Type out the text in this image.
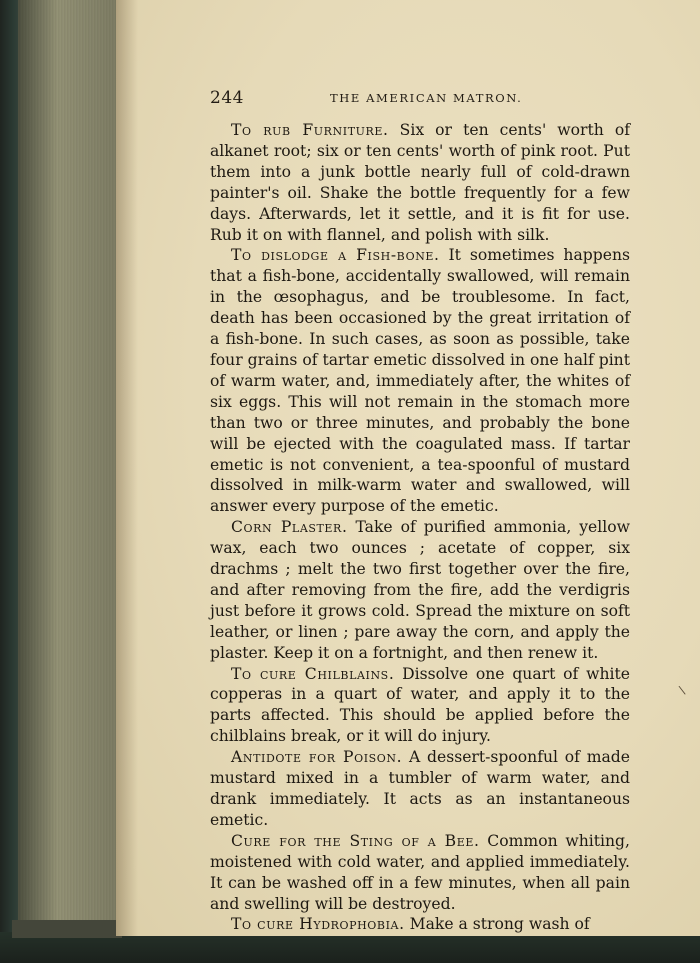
244	THE AMERICAN MATRON.

To rub Furniture. Six or ten cents' worth of alkanet root; six or ten cents' worth of pink root. Put them into a junk bottle nearly full of cold-drawn painter's oil. Shake the bottle frequently for a few days. Afterwards, let it settle, and it is fit for use. Rub it on with flannel, and polish with silk.

To dislodge a Fish-bone. It sometimes happens that a fish-bone, accidentally swallowed, will remain in the œsophagus, and be troublesome. In fact, death has been occasioned by the great irritation of a fish-bone. In such cases, as soon as possible, take four grains of tartar emetic dissolved in one half pint of warm water, and, immediately after, the whites of six eggs. This will not remain in the stomach more than two or three minutes, and probably the bone will be ejected with the coagulated mass. If tartar emetic is not convenient, a tea-spoonful of mustard dissolved in milk-warm water and swallowed, will answer every purpose of the emetic.

Corn Plaster. Take of purified ammonia, yellow wax, each two ounces ; acetate of copper, six drachms ; melt the two first together over the fire, and after removing from the fire, add the verdigris just before it grows cold. Spread the mixture on soft leather, or linen ; pare away the corn, and apply the plaster. Keep it on a fortnight, and then renew it.

To cure Chilblains. Dissolve one quart of white copperas in a quart of water, and apply it to the parts affected. This should be applied before the chilblains break, or it will do injury.

Antidote for Poison. A dessert-spoonful of made mustard mixed in a tumbler of warm water, and drank immediately. It acts as an instantaneous emetic.

Cure for the Sting of a Bee. Common whiting, moistened with cold water, and applied immediately. It can be washed off in a few minutes, when all pain and swelling will be destroyed.

To cure Hydrophobia. Make a strong wash of

\
